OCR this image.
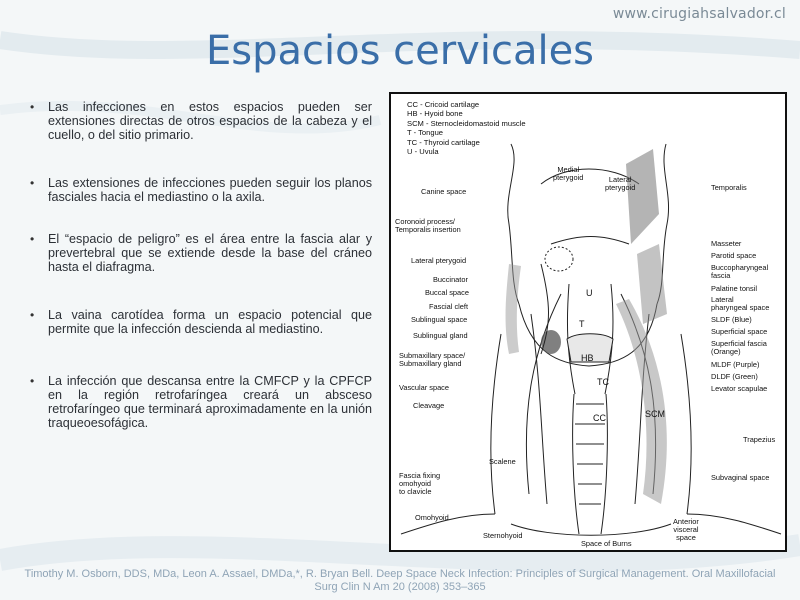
www.cirugiahsalvador.cl
Espacios cervicales
• Las infecciones en estos espacios pueden ser extensiones directas de otros espacios de la cabeza y el cuello, o del sitio primario.
• Las extensiones de infecciones pueden seguir los planos fasciales hacia el mediastino o la axila.
• El “espacio de peligro” es el área entre la fascia alar y prevertebral que se extiende desde la base del cráneo hasta el diafragma.
• La vaina carotídea forma un espacio potencial que permite que la infección descienda al mediastino.
• La infección que descansa entre la CMFCP y la CPFCP en la región retrofaríngea creará un absceso retrofaríngeo que terminará aproximadamente en la unión traqueoesofágica.
CC - Cricoid cartilage
HB - Hyoid bone
SCM - Sternocleidomastoid muscle
T - Tongue
TC - Thyroid cartilage
U - Uvula
Medial
pterygoid	Lateral
pterygoid	Temporalis
Canine space
Coronoid process/
Temporalis insertion
Lateral pterygoid
Buccinator
Buccal space
Fascial cleft
Sublingual space
Sublingual gland
Submaxillary space/
Submaxillary gland
Vascular space
Cleavage
Scalene
Fascia fixing
omohyoid
to clavicle
Omohyoid
Sternohyoid
Space of Burns
Anterior
visceral
space
Masseter
Parotid space
Buccopharyngeal
fascia
Palatine tonsil
Lateral
pharyngeal space
SLDF (Blue)
Superficial space
Superficial fascia
(Orange)
MLDF (Purple)
DLDF (Green)
Levator scapulae
Trapezius
Subvaginal space
U
T
HB
TC
CC	SCM
Timothy M. Osborn, DDS, MDa, Leon A. Assael, DMDa,*, R. Bryan Bell. Deep Space Neck Infection: Principles of Surgical Management. Oral Maxillofacial Surg Clin N Am 20 (2008) 353–365
